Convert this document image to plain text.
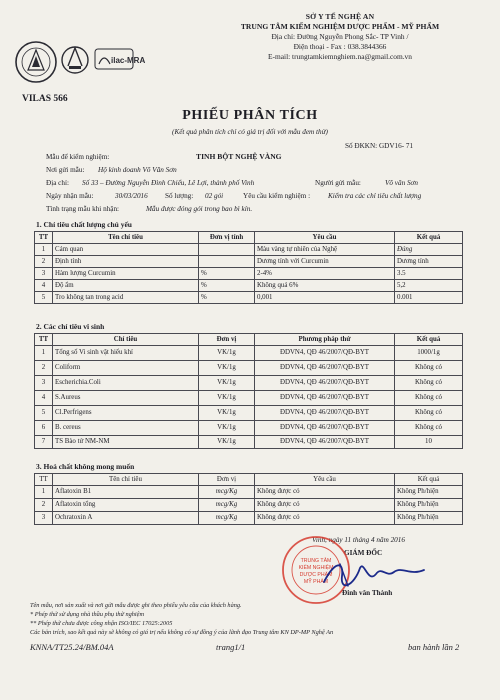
ilac-MRA
VILAS 566
SỞ Y TẾ NGHỆ AN
TRUNG TÂM KIỂM NGHIỆM DƯỢC PHẨM - MỸ PHẨM
Địa chỉ: Đường Nguyễn Phong Sắc- TP Vinh /
Điện thoại - Fax : 038.3844366
E-mail: trungtamkiemnghiem.na@gmail.com.vn
PHIẾU PHÂN TÍCH
(Kết quả phân tích chỉ có giá trị đối với mẫu đem thử)
Số ĐKKN: GDV16- 71
Mẫu để kiểm nghiệm:	TINH BỘT NGHỆ VÀNG
Nơi gửi mẫu: Hộ kinh doanh Võ Văn Sơn
Địa chỉ: Số 33 – Đường Nguyễn Đình Chiểu, Lê Lợi, thành phố Vinh	Người gửi mẫu:	Võ văn Sơn
Ngày nhận mẫu:	30/03/2016 Số lượng: 02 gói	Yêu cầu kiểm nghiệm : Kiểm tra các chỉ tiêu chất lượng
Tình trạng mẫu khi nhận:	Mẫu được đóng gói trong bao bì kín.
1. Chỉ tiêu chất lượng chủ yếu
TT	Tên chỉ tiêu	Đơn vị tính	Yêu cầu	Kết quả
1	Cảm quan		Màu vàng tự nhiên của Nghệ	Đúng
2	Định tính		Dương tính với Curcumin	Dương tính
3	Hàm lượng Curcumin	%	2-4%	3.5
4	Độ ẩm	%	Không quá 6%	5,2
5	Tro không tan trong acid	%	0,001	0.001
2. Các chỉ tiêu vi sinh
TT	Chỉ tiêu	Đơn vị	Phương pháp thử	Kết quả
1	Tổng số Vi sinh vật hiếu khí	VK/1g	ĐDVN4, QĐ 46/2007/QĐ-BYT	1000/1g
2	Coliform	VK/1g	ĐDVN4, QĐ 46/2007/QĐ-BYT	Không có
3	Escherichia.Coli	VK/1g	ĐDVN4, QĐ 46/2007/QĐ-BYT	Không có
4	S.Aureus	VK/1g	ĐDVN4, QĐ 46/2007/QĐ-BYT	Không có
5	Cl.Perfrigens	VK/1g	ĐDVN4, QĐ 46/2007/QĐ-BYT	Không có
6	B. cereus	VK/1g	ĐDVN4, QĐ 46/2007/QĐ-BYT	Không có
7	TS Bào tử NM-NM	VK/1g	ĐDVN4, QĐ 46/2007/QĐ-BYT	10
3. Hoá chất không mong muốn
TT	Tên chỉ tiêu	Đơn vị	Yêu cầu	Kết quả
1	Aflatoxin B1	mcg/Kg	Không được có	Không Ph/hiện
2	Aflatoxin tổng	mcg/Kg	Không được có	Không Ph/hiện
3	Ochratoxin A	mcg/Kg	Không được có	Không Ph/hiện
Vinh, ngày 11 tháng 4 năm 2016
GIÁM ĐỐC
TRUNG TÂM
KIỂM NGHIỆM
DƯỢC PHẨM
MỸ PHẨM
Đinh văn Thành
Tên mẫu, nơi sản xuất và nơi gửi mẫu được ghi theo phiếu yêu cầu của khách hàng.
* Phép thử sử dụng nhà thầu phụ thử nghiệm
** Phép thử chưa được công nhận ISO/IEC 17025:2005
Các bản trích, sao kết quả này sẽ không có giá trị nếu không có sự đồng ý của lãnh đạo Trung tâm KN DP-MP Nghệ An
KNNA/TT25.24/BM.04A	trang1/1	ban hành lần 2
